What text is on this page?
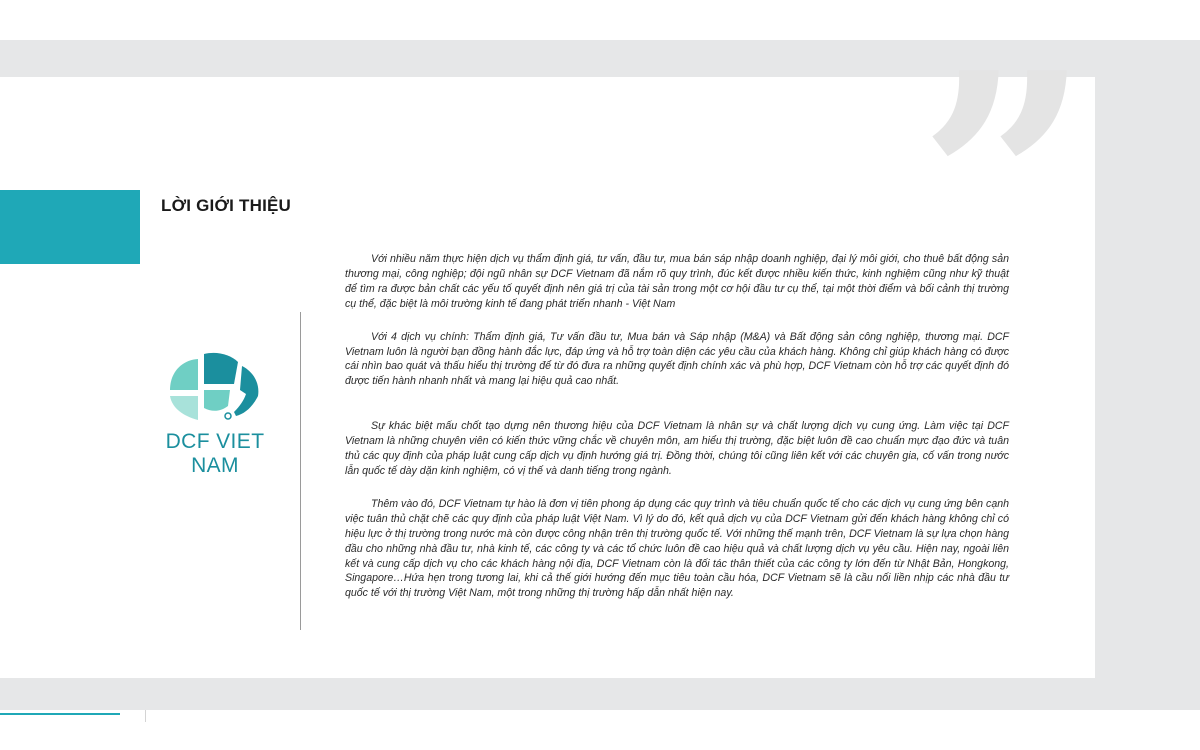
LỜI GIỚI THIỆU ”
DCF VIET NAM

Với nhiều năm thực hiện dịch vụ thẩm định giá, tư vấn, đầu tư, mua bán sáp nhập doanh nghiệp, đại lý môi giới, cho thuê bất động sản thương mại, công nghiệp; đội ngũ nhân sự DCF Vietnam đã nắm rõ quy trình, đúc kết được nhiều kiến thức, kinh nghiệm cũng như kỹ thuật để tìm ra được bản chất các yếu tố quyết định nên giá trị của tài sản trong một cơ hội đầu tư cụ thể, tại một thời điểm và bối cảnh thị trường cụ thể, đặc biệt là môi trường kinh tế đang phát triển nhanh - Việt Nam

Với 4 dịch vụ chính: Thẩm định giá, Tư vấn đầu tư, Mua bán và Sáp nhập (M&A) và Bất động sản công nghiệp, thương mại. DCF Vietnam luôn là người bạn đồng hành đắc lực, đáp ứng và hỗ trợ toàn diện các yêu cầu của khách hàng. Không chỉ giúp khách hàng có được cái nhìn bao quát và thấu hiểu thị trường để từ đó đưa ra những quyết định chính xác và phù hợp, DCF Vietnam còn hỗ trợ các quyết định đó được tiến hành nhanh nhất và mang lại hiệu quả cao nhất.

Sự khác biệt mấu chốt tạo dựng nên thương hiệu của DCF Vietnam là nhân sự và chất lượng dịch vụ cung ứng. Làm việc tại DCF Vietnam là những chuyên viên có kiến thức vững chắc về chuyên môn, am hiểu thị trường, đặc biệt luôn đề cao chuẩn mực đạo đức và tuân thủ các quy định của pháp luật cung cấp dịch vụ định hướng giá trị. Đồng thời, chúng tôi cũng liên kết với các chuyên gia, cố vấn trong nước lẫn quốc tế dày dặn kinh nghiệm, có vị thế và danh tiếng trong ngành.

Thêm vào đó, DCF Vietnam tự hào là đơn vị tiên phong áp dụng các quy trình và tiêu chuẩn quốc tế cho các dịch vụ cung ứng bên cạnh việc tuân thủ chặt chẽ các quy định của pháp luật Việt Nam. Vì lý do đó, kết quả dịch vụ của DCF Vietnam gửi đến khách hàng không chỉ có hiệu lực ở thị trường trong nước mà còn được công nhận trên thị trường quốc tế. Với những thế mạnh trên, DCF Vietnam là sự lựa chọn hàng đầu cho những nhà đầu tư, nhà kinh tế, các công ty và các tổ chức luôn đề cao hiệu quả và chất lượng dịch vụ yêu cầu. Hiện nay, ngoài liên kết và cung cấp dịch vụ cho các khách hàng nội địa, DCF Vietnam còn là đối tác thân thiết của các công ty lớn đến từ Nhật Bản, Hongkong, Singapore…Hứa hẹn trong tương lai, khi cả thế giới hướng đến mục tiêu toàn cầu hóa, DCF Vietnam sẽ là cầu nối liền nhịp các nhà đầu tư quốc tế với thị trường Việt Nam, một trong những thị trường hấp dẫn nhất hiện nay.
